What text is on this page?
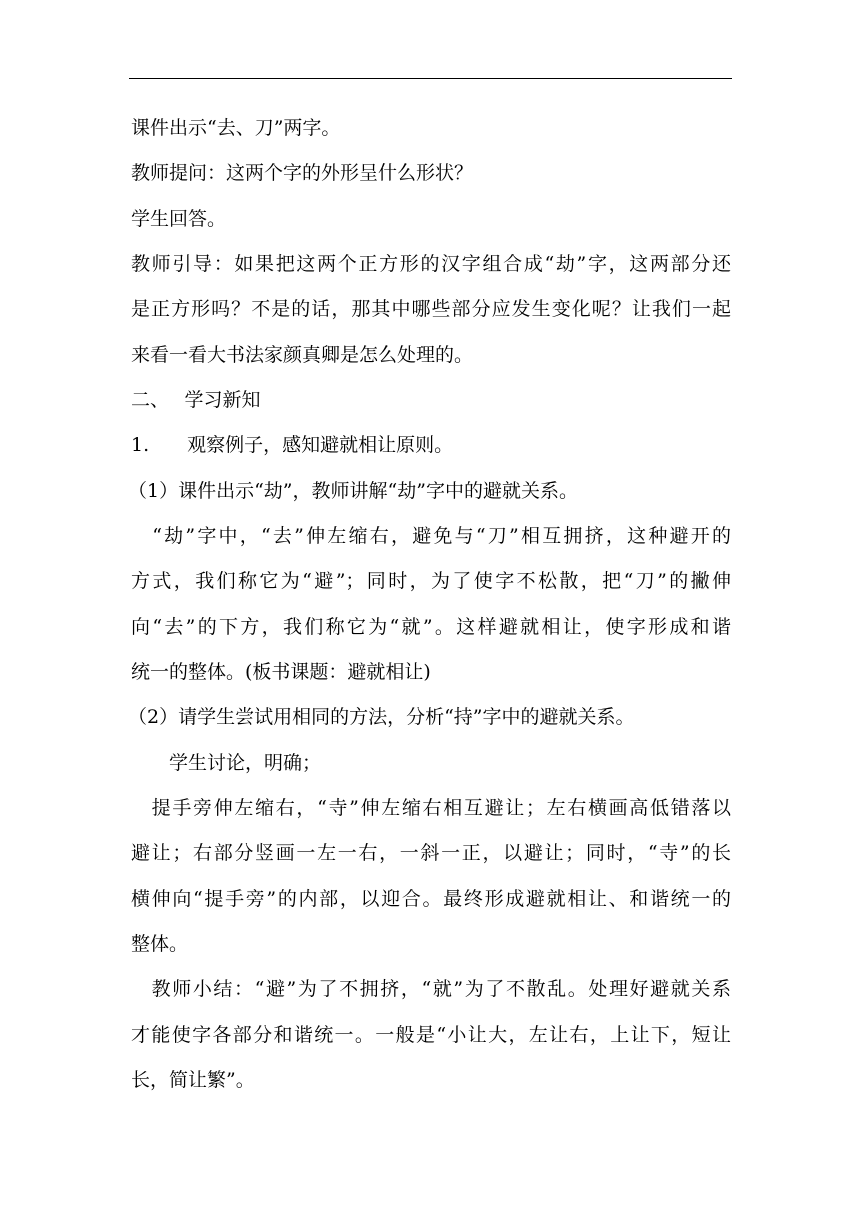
课件出示“去、刀”两字。
教师提问：这两个字的外形呈什么形状？
学生回答。
教师引导：如果把这两个正方形的汉字组合成“劫”字，这两部分还
是正方形吗？不是的话，那其中哪些部分应发生变化呢？让我们一起
来看一看大书法家颜真卿是怎么处理的。
二、　 学习新知
1.　　观察例子，感知避就相让原则。
（1）课件出示“劫”，教师讲解“劫”字中的避就关系。
　“劫”字中，“去”伸左缩右，避免与“刀”相互拥挤，这种避开的
方式，我们称它为“避”；同时，为了使字不松散，把“刀”的撇伸
向“去”的下方，我们称它为“就”。这样避就相让，使字形成和谐
统一的整体。(板书课题：避就相让)
（2）请学生尝试用相同的方法，分析“持”字中的避就关系。
　　学生讨论，明确；
　提手旁伸左缩右，“寺”伸左缩右相互避让；左右横画高低错落以
避让；右部分竖画一左一右，一斜一正，以避让；同时，“寺”的长
横伸向“提手旁”的内部，以迎合。最终形成避就相让、和谐统一的
整体。
　教师小结：“避”为了不拥挤，“就”为了不散乱。处理好避就关系
才能使字各部分和谐统一。一般是“小让大，左让右，上让下，短让
长，简让繁”。
